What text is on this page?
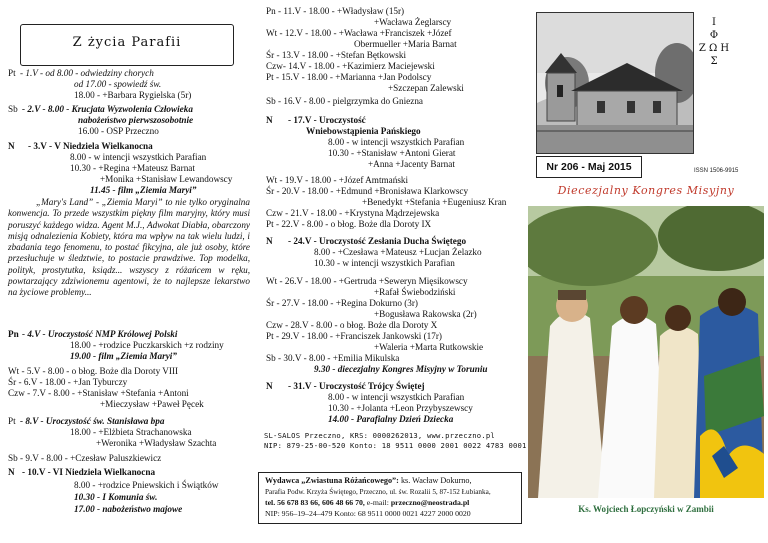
Z życia Parafii
Pt - 1.V - od 8.00 - odwiedziny chorych
od 17.00 - spowiedź św.
18.00 - +Barbara Rygielska (5r)
Sb - 2.V - 8.00 - Krucjata Wyzwolenia Człowieka
nabożeństwo pierwszosobotnie
16.00 - OSP Przeczno
N - 3.V - V Niedziela Wielkanocna
8.00 - w intencji wszystkich Parafian
10.30 - +Regina +Mateusz Barnat
+Monika +Stanisław Lewandowscy
11.45 - film „Ziemia Maryi”
„Mary's Land” - „Ziemia Maryi” to nie tylko oryginalna konwencja. To przede wszystkim piękny film maryjny, który musi poruszyć każdego widza. Agent M.J., Adwokat Diabła, obarczony misją odnalezienia Kobiety, która ma wpływ na tak wielu ludzi, i zbadania tego fenomenu, to postać fikcyjna, ale już osoby, które przesłuchuje w śledztwie, to postacie prawdziwe. Top modelka, polityk, prostytutka, ksiądz... wszyscy z różańcem w ręku, powtarzający zdziwionemu agentowi, że to najlepsze lekarstwo na życiowe problemy...
Pn - 4.V - Uroczystość NMP Królowej Polski
18.00 - +rodzice Puczkarskich +z rodziny
19.00 - film „Ziemia Maryi”
Wt - 5.V - 8.00 - o błog. Boże dla Doroty VIII
Śr - 6.V - 18.00 - +Jan Tyburczy
Czw - 7.V - 8.00 - +Stanisław +Stefania +Antoni
+Mieczysław +Paweł Pęcek
Pt - 8.V - Uroczystość św. Stanisława bpa
18.00 - +Elżbieta Strachanowska
+Weronika +Władysław Szachta
Sb - 9.V - 8.00 - +Czesław Paluszkiewicz
N - 10.V - VI Niedziela Wielkanocna
8.00 - +rodzice Pniewskich i Świątków
10.30 - I Komunia św.
17.00 - nabożeństwo majowe
Pn - 11.V - 18.00 - +Władysław (15r)
+Wacława Żeglarscy
Wt - 12.V - 18.00 - +Wacława +Franciszek +Józef
Obermueller +Maria Barnat
Śr - 13.V - 18.00 - +Stefan Bętkowski
Czw- 14.V - 18.00 - +Kazimierz Maciejewski
Pt - 15.V - 18.00 - +Marianna +Jan Podolscy
+Szczepan Zalewski
Sb - 16.V - 8.00 - pielgrzymka do Gniezna
N - 17.V - Uroczystość
Wniebowstąpienia Pańskiego
8.00 - w intencji wszystkich Parafian
10.30 - +Stanisław +Antoni Gierat
+Anna +Jacenty Barnat
Wt - 19.V - 18.00 - +Józef Amtmański
Śr - 20.V - 18.00 - +Edmund +Bronisława Klarkowscy
+Benedykt +Stefania +Eugeniusz Kran
Czw - 21.V - 18.00 - +Krystyna Mądrzejewska
Pt - 22.V - 8.00 - o błog. Boże dla Doroty IX
N - 24.V - Uroczystość Zesłania Ducha Świętego
8.00 - +Czesława +Mateusz +Lucjan Żelazko
10.30 - w intencji wszystkich Parafian
Wt - 26.V - 18.00 - +Gertruda +Seweryn Mięsikowscy
+Rafał Świebodziński
Śr - 27.V - 18.00 - +Regina Dokurno (3r)
+Bogusława Rakowska (2r)
Czw - 28.V - 8.00 - o błog. Boże dla Doroty X
Pt - 29.V - 18.00 - +Franciszek Jankowski (17r)
+Waleria +Marta Rutkowskie
Sb - 30.V - 8.00 - +Emilia Mikulska
9.30 - diecezjalny Kongres Misyjny w Toruniu
N - 31.V - Uroczystość Trójcy Świętej
8.00 - w intencji wszystkich Parafian
10.30 - +Jolanta +Leon Przybyszewscy
14.00 - Parafialny Dzień Dziecka
SL-SALOS Przeczno, KRS: 0000262013, www.przeczno.pl
NIP: 879-25-00-520 Konto: 18 9511 0000 2001 0022 4783 0001
Wydawca „Zwiastuna Różańcowego”: ks. Wacław Dokurno,
Parafia Podw. Krzyża Świętego, Przeczno, ul. św. Rozalii 5, 87-152 Łubianka,
tel. 56 678 83 66, 606 48 66 70, e-mail: przeczno@neostrada.pl
NIP: 956–19–24–479 Konto: 68 9511 0000 0021 4227 2000 0020
Ι
Φ
Ζ Ω Η
Σ
Nr 206 - Maj 2015	ISSN 1506-9915
Diecezjalny Kongres Misyjny
Ks. Wojciech Łopczyński w Zambii
